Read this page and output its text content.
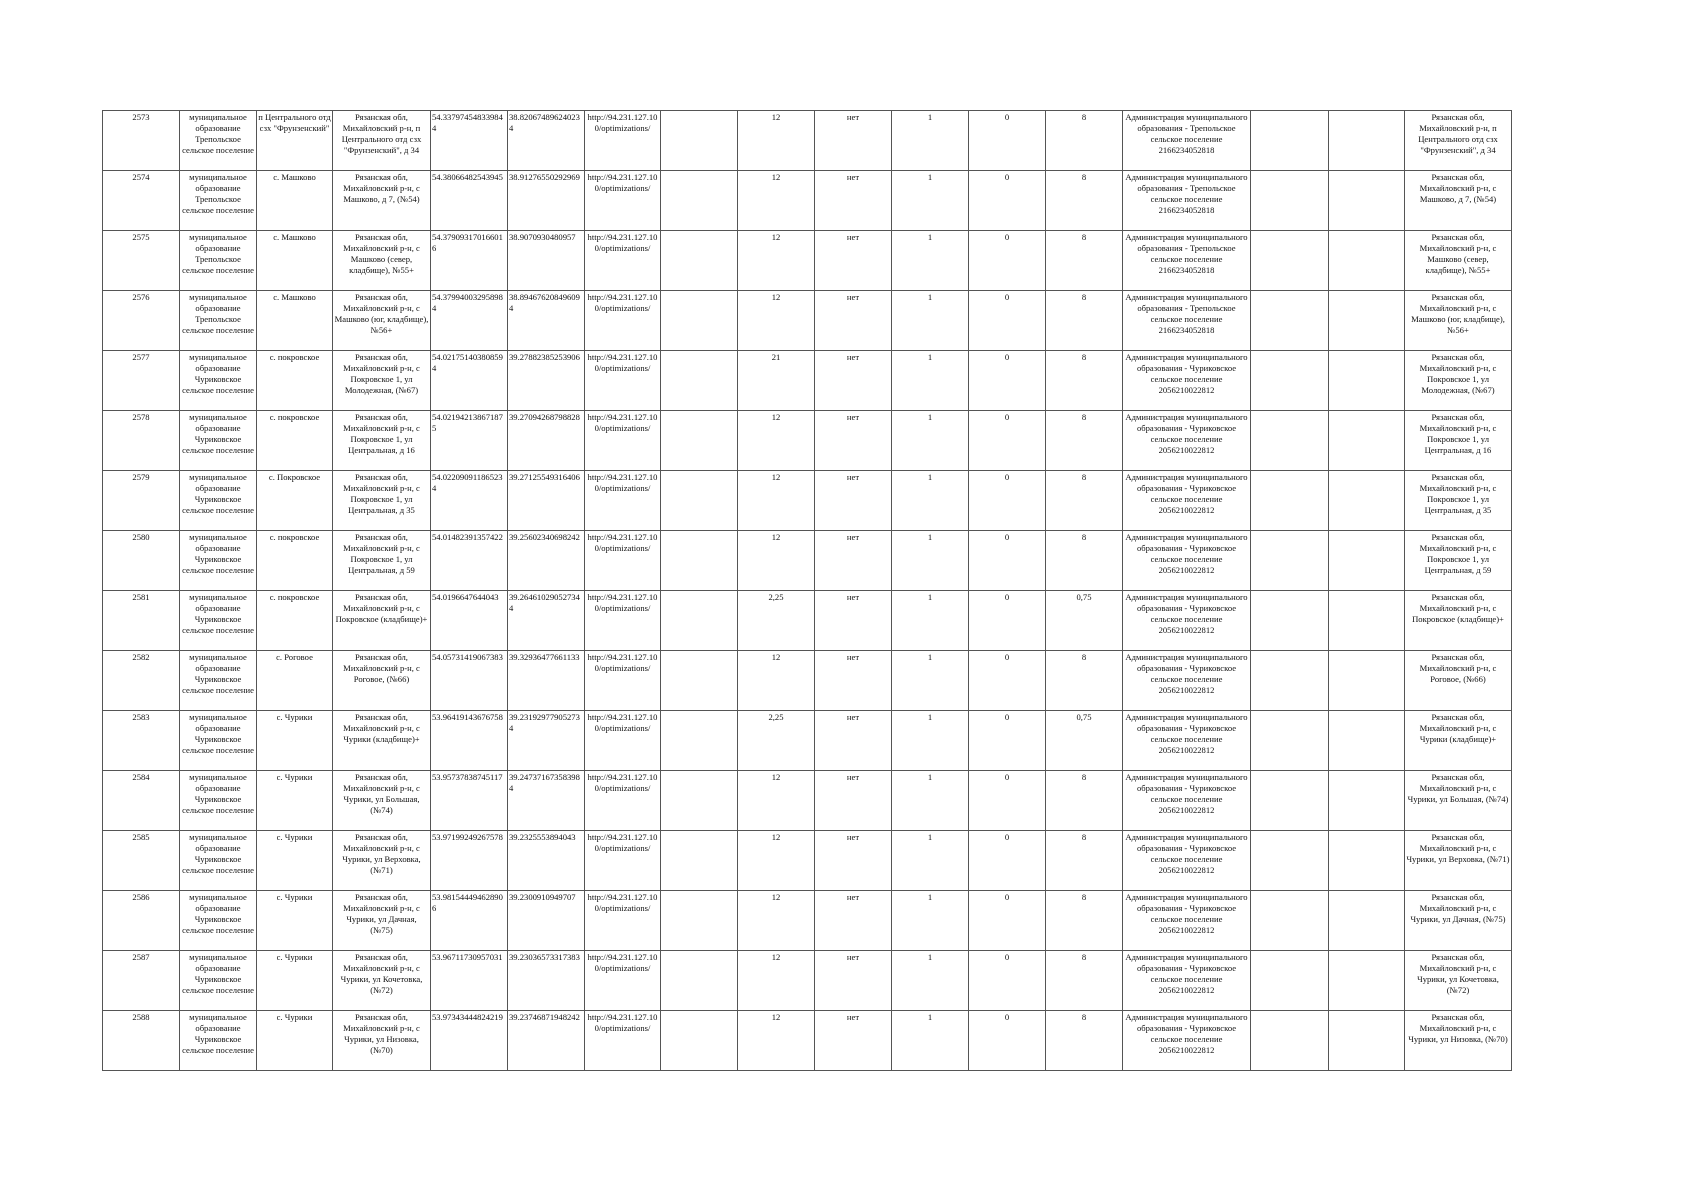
2573	муниципальное образование Трепольское сельское поселение	п Центрального отд сзх "Фрунзенский"	Рязанская обл, Михайловский р-н, п Центрального отд сзх "Фрунзенский", д 34	54.33797454833984 4	38.82067489624023 4	http://94.231.127.10 0/optimizations/		12	нет	1	0	8	Администрация муниципального образования - Трепольское сельское поселение 2166234052818			Рязанская обл, Михайловский р-н, п Центрального отд сзх "Фрунзенский", д 34
2574	муниципальное образование Трепольское сельское поселение	с. Машково	Рязанская обл, Михайловский р-н, с Машково, д 7, (№54)	54.38066482543945	38.91276550292969	http://94.231.127.10 0/optimizations/		12	нет	1	0	8	Администрация муниципального образования - Трепольское сельское поселение 2166234052818			Рязанская обл, Михайловский р-н, с Машково, д 7, (№54)
2575	муниципальное образование Трепольское сельское поселение	с. Машково	Рязанская обл, Михайловский р-н, с Машково (север, кладбище), №55+	54.37909317016601 6	38.9070930480957	http://94.231.127.10 0/optimizations/		12	нет	1	0	8	Администрация муниципального образования - Трепольское сельское поселение 2166234052818			Рязанская обл, Михайловский р-н, с Машково (север, кладбище), №55+
2576	муниципальное образование Трепольское сельское поселение	с. Машково	Рязанская обл, Михайловский р-н, с Машково (юг, кладбище), №56+	54.37994003295898 4	38.89467620849609 4	http://94.231.127.10 0/optimizations/		12	нет	1	0	8	Администрация муниципального образования - Трепольское сельское поселение 2166234052818			Рязанская обл, Михайловский р-н, с Машково (юг, кладбище), №56+
2577	муниципальное образование Чуриковское сельское поселение	с. покровское	Рязанская обл, Михайловский р-н, с Покровское 1, ул Молодежная, (№67)	54.02175140380859 4	39.27882385253906	http://94.231.127.10 0/optimizations/		21	нет	1	0	8	Администрация муниципального образования - Чуриковское сельское поселение 2056210022812			Рязанская обл, Михайловский р-н, с Покровское 1, ул Молодежная, (№67)
2578	муниципальное образование Чуриковское сельское поселение	с. покровское	Рязанская обл, Михайловский р-н, с Покровское 1, ул Центральная, д 16	54.02194213867187 5	39.27094268798828	http://94.231.127.10 0/optimizations/		12	нет	1	0	8	Администрация муниципального образования - Чуриковское сельское поселение 2056210022812			Рязанская обл, Михайловский р-н, с Покровское 1, ул Центральная, д 16
2579	муниципальное образование Чуриковское сельское поселение	с. Покровское	Рязанская обл, Михайловский р-н, с Покровское 1, ул Центральная, д 35	54.02209091186523 4	39.27125549316406	http://94.231.127.10 0/optimizations/		12	нет	1	0	8	Администрация муниципального образования - Чуриковское сельское поселение 2056210022812			Рязанская обл, Михайловский р-н, с Покровское 1, ул Центральная, д 35
2580	муниципальное образование Чуриковское сельское поселение	с. покровское	Рязанская обл, Михайловский р-н, с Покровское 1, ул Центральная, д 59	54.01482391357422	39.25602340698242	http://94.231.127.10 0/optimizations/		12	нет	1	0	8	Администрация муниципального образования - Чуриковское сельское поселение 2056210022812			Рязанская обл, Михайловский р-н, с Покровское 1, ул Центральная, д 59
2581	муниципальное образование Чуриковское сельское поселение	с. покровское	Рязанская обл, Михайловский р-н, с Покровское (кладбище)+	54.0196647644043	39.26461029052734 4	http://94.231.127.10 0/optimizations/		2,25	нет	1	0	0,75	Администрация муниципального образования - Чуриковское сельское поселение 2056210022812			Рязанская обл, Михайловский р-н, с Покровское (кладбище)+
2582	муниципальное образование Чуриковское сельское поселение	с. Роговое	Рязанская обл, Михайловский р-н, с Роговое, (№66)	54.05731419067383	39.32936477661133	http://94.231.127.10 0/optimizations/		12	нет	1	0	8	Администрация муниципального образования - Чуриковское сельское поселение 2056210022812			Рязанская обл, Михайловский р-н, с Роговое, (№66)
2583	муниципальное образование Чуриковское сельское поселение	с. Чурики	Рязанская обл, Михайловский р-н, с Чурики (кладбище)+	53.96419143676758	39.23192977905273 4	http://94.231.127.10 0/optimizations/		2,25	нет	1	0	0,75	Администрация муниципального образования - Чуриковское сельское поселение 2056210022812			Рязанская обл, Михайловский р-н, с Чурики (кладбище)+
2584	муниципальное образование Чуриковское сельское поселение	с. Чурики	Рязанская обл, Михайловский р-н, с Чурики, ул Большая, (№74)	53.95737838745117	39.24737167358398 4	http://94.231.127.10 0/optimizations/		12	нет	1	0	8	Администрация муниципального образования - Чуриковское сельское поселение 2056210022812			Рязанская обл, Михайловский р-н, с Чурики, ул Большая, (№74)
2585	муниципальное образование Чуриковское сельское поселение	с. Чурики	Рязанская обл, Михайловский р-н, с Чурики, ул Верховка, (№71)	53.97199249267578	39.2325553894043	http://94.231.127.10 0/optimizations/		12	нет	1	0	8	Администрация муниципального образования - Чуриковское сельское поселение 2056210022812			Рязанская обл, Михайловский р-н, с Чурики, ул Верховка, (№71)
2586	муниципальное образование Чуриковское сельское поселение	с. Чурики	Рязанская обл, Михайловский р-н, с Чурики, ул Дачная, (№75)	53.98154449462890 6	39.2300910949707	http://94.231.127.10 0/optimizations/		12	нет	1	0	8	Администрация муниципального образования - Чуриковское сельское поселение 2056210022812			Рязанская обл, Михайловский р-н, с Чурики, ул Дачная, (№75)
2587	муниципальное образование Чуриковское сельское поселение	с. Чурики	Рязанская обл, Михайловский р-н, с Чурики, ул Кочетовка, (№72)	53.96711730957031	39.23036573317383	http://94.231.127.10 0/optimizations/		12	нет	1	0	8	Администрация муниципального образования - Чуриковское сельское поселение 2056210022812			Рязанская обл, Михайловский р-н, с Чурики, ул Кочетовка, (№72)
2588	муниципальное образование Чуриковское сельское поселение	с. Чурики	Рязанская обл, Михайловский р-н, с Чурики, ул Низовка, (№70)	53.97343444824219	39.23746871948242	http://94.231.127.10 0/optimizations/		12	нет	1	0	8	Администрация муниципального образования - Чуриковское сельское поселение 2056210022812			Рязанская обл, Михайловский р-н, с Чурики, ул Низовка, (№70)
